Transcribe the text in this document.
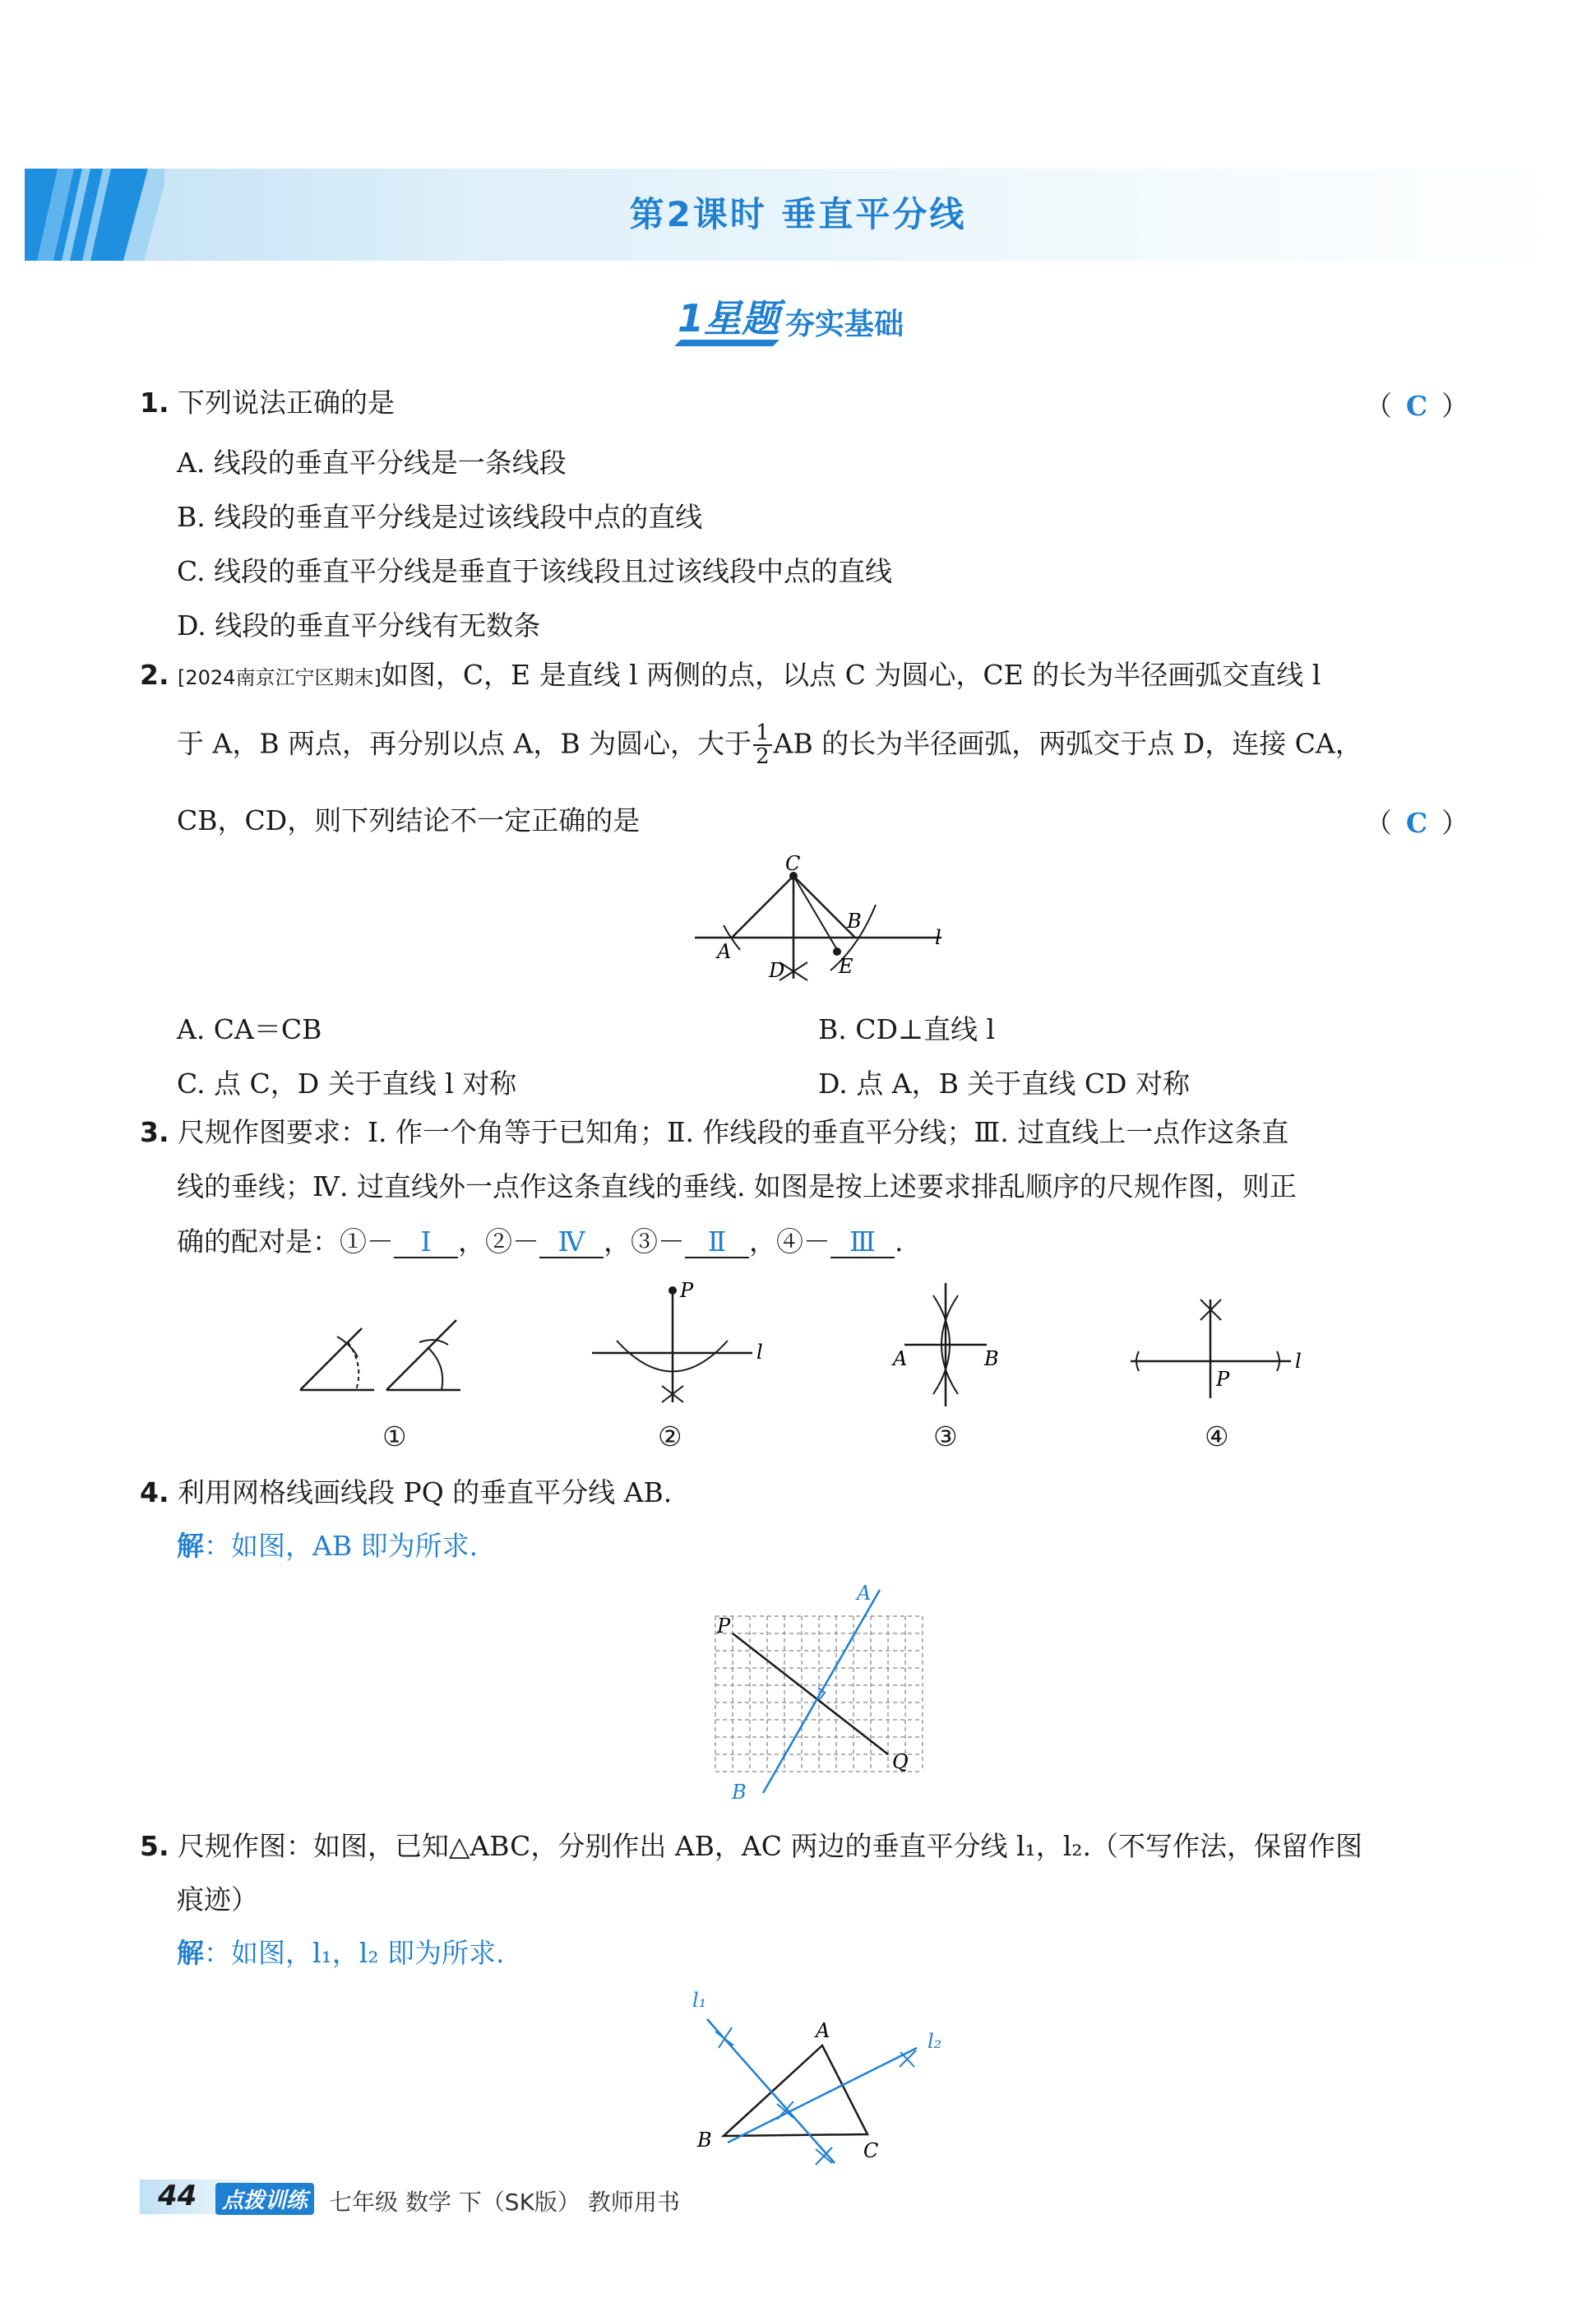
第2课时 垂直平分线
1星题 夯实基础
1. 下列说法正确的是	（ C ）
A. 线段的垂直平分线是一条线段
B. 线段的垂直平分线是过该线段中点的直线
C. 线段的垂直平分线是垂直于该线段且过该线段中点的直线
D. 线段的垂直平分线有无数条
2. [2024南京江宁区期末]如图，C，E 是直线 l 两侧的点，以点 C 为圆心，CE 的长为半径画弧交直线 l
于 A，B 两点，再分别以点 A，B 为圆心，大于 $\frac{1}{2}$ AB 的长为半径画弧，两弧交于点 D，连接 CA，
CB，CD，则下列结论不一定正确的是	（ C ）
C
B
A
D	E
l
A. CA＝CB	B. CD⊥直线 l
C. 点 C，D 关于直线 l 对称	D. 点 A，B 关于直线 CD 对称
3. 尺规作图要求：Ⅰ. 作一个角等于已知角；Ⅱ. 作线段的垂直平分线；Ⅲ. 过直线上一点作这条直
线的垂线；Ⅳ. 过直线外一点作这条直线的垂线. 如图是按上述要求排乱顺序的尺规作图，则正
确的配对是：①－ Ⅰ ，②－ Ⅳ ，③－ Ⅱ ，④－ Ⅲ .
①
P
l
②
A	B
③
P
l
④
4. 利用网格线画线段 PQ 的垂直平分线 AB.
解：如图，AB 即为所求.
A
P
Q
B
5. 尺规作图：如图，已知△ABC，分别作出 AB，AC 两边的垂直平分线 l₁，l₂.（不写作法，保留作图
痕迹）
解：如图，l₁，l₂ 即为所求.
l₁
A	l₂
B	C
44	点拨训练 七年级 数学 下（SK版） 教师用书
